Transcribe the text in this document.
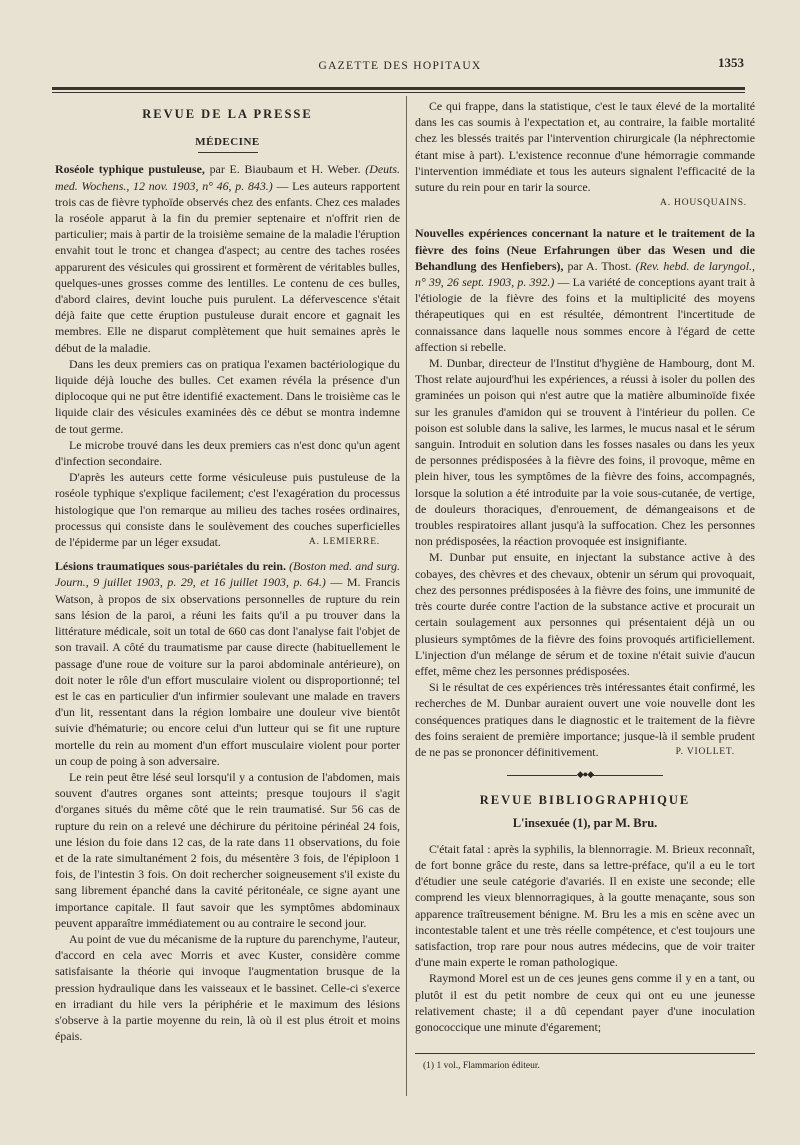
GAZETTE DES HOPITAUX	1353
REVUE DE LA PRESSE
MÉDECINE

Roséole typhique pustuleuse, par E. Biaubaum et H. Weber. (Deuts. med. Wochens., 12 nov. 1903, n° 46, p. 843.) — Les auteurs rapportent trois cas de fièvre typhoïde observés chez des enfants. Chez ces malades la roséole apparut à la fin du premier septenaire et n'offrit rien de particulier; mais à partir de la troisième semaine de la maladie l'éruption envahit tout le tronc et changea d'aspect; au centre des taches rosées apparurent des vésicules qui grossirent et formèrent de véritables bulles, quelques-unes grosses comme des lentilles. Le contenu de ces bulles, d'abord claires, devint louche puis purulent. La défervescence s'était déjà faite que cette éruption pustuleuse durait encore et gagnait les membres. Elle ne disparut complètement que huit semaines après le début de la maladie.

Dans les deux premiers cas on pratiqua l'examen bactériologique du liquide déjà louche des bulles. Cet examen révéla la présence d'un diplocoque qui ne put être identifié exactement. Dans le troisième cas le liquide clair des vésicules examinées dès ce début se montra indemne de tout germe.

Le microbe trouvé dans les deux premiers cas n'est donc qu'un agent d'infection secondaire.

D'après les auteurs cette forme vésiculeuse puis pustuleuse de la roséole typhique s'explique facilement; c'est l'exagération du processus histologique que l'on remarque au milieu des taches rosées ordinaires, processus qui consiste dans le soulèvement des couches superficielles de l'épiderme par un léger exsudat.	A. LEMIERRE.

Lésions traumatiques sous-pariétales du rein. (Boston med. and surg. Journ., 9 juillet 1903, p. 29, et 16 juillet 1903, p. 64.) — M. Francis Watson, à propos de six observations personnelles de rupture du rein sans lésion de la paroi, a réuni les faits qu'il a pu trouver dans la littérature médicale, soit un total de 660 cas dont l'analyse fait l'objet de son travail. A côté du traumatisme par cause directe (habituellement le passage d'une roue de voiture sur la paroi abdominale antérieure), on doit noter le rôle d'un effort musculaire violent ou disproportionné; tel est le cas en particulier d'un infirmier soulevant une malade en travers d'un lit, ressentant dans la région lombaire une douleur vive bientôt suivie d'hématurie; ou encore celui d'un lutteur qui se fit une rupture mortelle du rein au moment d'un effort musculaire violent pour porter un coup de poing à son adversaire.

Le rein peut être lésé seul lorsqu'il y a contusion de l'abdomen, mais souvent d'autres organes sont atteints; presque toujours il s'agit d'organes situés du même côté que le rein traumatisé. Sur 56 cas de rupture du rein on a relevé une déchirure du péritoine périnéal 24 fois, une lésion du foie dans 12 cas, de la rate dans 11 observations, du foie et de la rate simultanément 2 fois, du mésentère 3 fois, de l'épiploon 1 fois, de l'intestin 3 fois. On doit rechercher soigneusement s'il existe du sang librement épanché dans la cavité péritonéale, ce signe ayant une importance capitale. Il faut savoir que les symptômes abdominaux peuvent apparaître immédiatement ou au contraire le second jour.

Au point de vue du mécanisme de la rupture du parenchyme, l'auteur, d'accord en cela avec Morris et avec Kuster, considère comme satisfaisante la théorie qui invoque l'augmentation brusque de la pression hydraulique dans les vaisseaux et le bassinet. Celle-ci s'exerce en irradiant du hile vers la périphérie et le maximum des lésions s'observe à la partie moyenne du rein, là où il est plus étroit et moins épais.

Ce qui frappe, dans la statistique, c'est le taux élevé de la mortalité dans les cas soumis à l'expectation et, au contraire, la faible mortalité chez les blessés traités par l'intervention chirurgicale (la néphrectomie étant mise à part). L'existence reconnue d'une hémorragie commande l'intervention immédiate et tous les auteurs signalent l'efficacité de la suture du rein pour en tarir la source.

A. HOUSQUAINS.

Nouvelles expériences concernant la nature et le traitement de la fièvre des foins (Neue Erfahrungen über das Wesen und die Behandlung des Henfiebers), par A. Thost. (Rev. hebd. de laryngol., n° 39, 26 sept. 1903, p. 392.) — La variété de conceptions ayant trait à l'étiologie de la fièvre des foins et la multiplicité des moyens thérapeutiques qui en est résultée, démontrent l'incertitude de connaissance dans laquelle nous sommes encore à l'égard de cette affection si rebelle.

M. Dunbar, directeur de l'Institut d'hygiène de Hambourg, dont M. Thost relate aujourd'hui les expériences, a réussi à isoler du pollen des graminées un poison qui n'est autre que la matière albuminoïde fixée sur les granules d'amidon qui se trouvent à l'intérieur du pollen. Ce poison est soluble dans la salive, les larmes, le mucus nasal et le sérum sanguin. Introduit en solution dans les fosses nasales ou dans les yeux de personnes prédisposées à la fièvre des foins, il provoque, même en plein hiver, tous les symptômes de la fièvre des foins, accompagnés, lorsque la solution a été introduite par la voie sous-cutanée, de vertige, de douleurs thoraciques, d'enrouement, de démangeaisons et de troubles respiratoires allant jusqu'à la suffocation. Chez les personnes non prédisposées, la réaction provoquée est insignifiante.

M. Dunbar put ensuite, en injectant la substance active à des cobayes, des chèvres et des chevaux, obtenir un sérum qui provoquait, chez des personnes prédisposées à la fièvre des foins, une immunité de très courte durée contre l'action de la substance active et procurait un certain soulagement aux personnes qui présentaient déjà un ou plusieurs symptômes de la fièvre des foins provoqués artificiellement. L'injection d'un mélange de sérum et de toxine n'était suivie d'aucun effet, même chez les personnes prédisposées.

Si le résultat de ces expériences très intéressantes était confirmé, les recherches de M. Dunbar auraient ouvert une voie nouvelle dont les conséquences pratiques dans le diagnostic et le traitement de la fièvre des foins seraient de première importance; jusque-là il semble prudent de ne pas se prononcer définitivement.	P. VIOLLET.

◆●◆
REVUE BIBLIOGRAPHIQUE
L'insexuée (1), par M. Bru.

C'était fatal : après la syphilis, la blennorragie. M. Brieux reconnaît, de fort bonne grâce du reste, dans sa lettre-préface, qu'il a eu le tort d'étudier une seule catégorie d'avariés. Il en existe une seconde; elle comprend les vieux blennorragiques, à la goutte menaçante, sous son apparence traîtreusement bénigne. M. Bru les a mis en scène avec un incontestable talent et une très réelle compétence, et c'est toujours une satisfaction, trop rare pour nous autres médecins, que de voir traiter d'une main experte le roman pathologique.

Raymond Morel est un de ces jeunes gens comme il y en a tant, ou plutôt il est du petit nombre de ceux qui ont eu une jeunesse relativement chaste; il a dû cependant payer d'une inoculation gonococcique une minute d'égarement;

(1) 1 vol., Flammarion éditeur.
